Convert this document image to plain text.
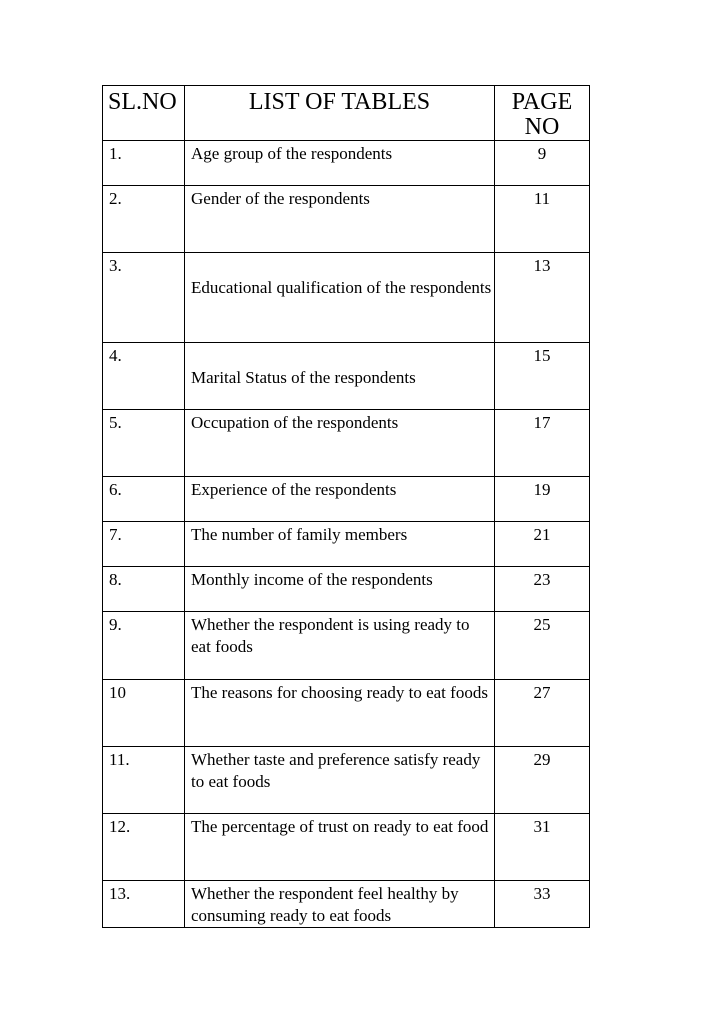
SL.NO	LIST OF TABLES	PAGE NO
1.	Age group of the respondents	9
2.	Gender of the respondents	11
3.	Educational qualification of the respondents	13
4.	Marital Status of the respondents	15
5.	Occupation of the respondents	17
6.	Experience of the respondents	19
7.	The number of family members	21
8.	Monthly income of the respondents	23
9.	Whether the respondent is using ready to eat foods	25
10	The reasons for choosing ready to eat foods	27
11.	Whether taste and preference satisfy ready to eat foods	29
12.	The percentage of trust on ready to eat food	31
13.	Whether the respondent feel healthy by consuming ready to eat foods	33
